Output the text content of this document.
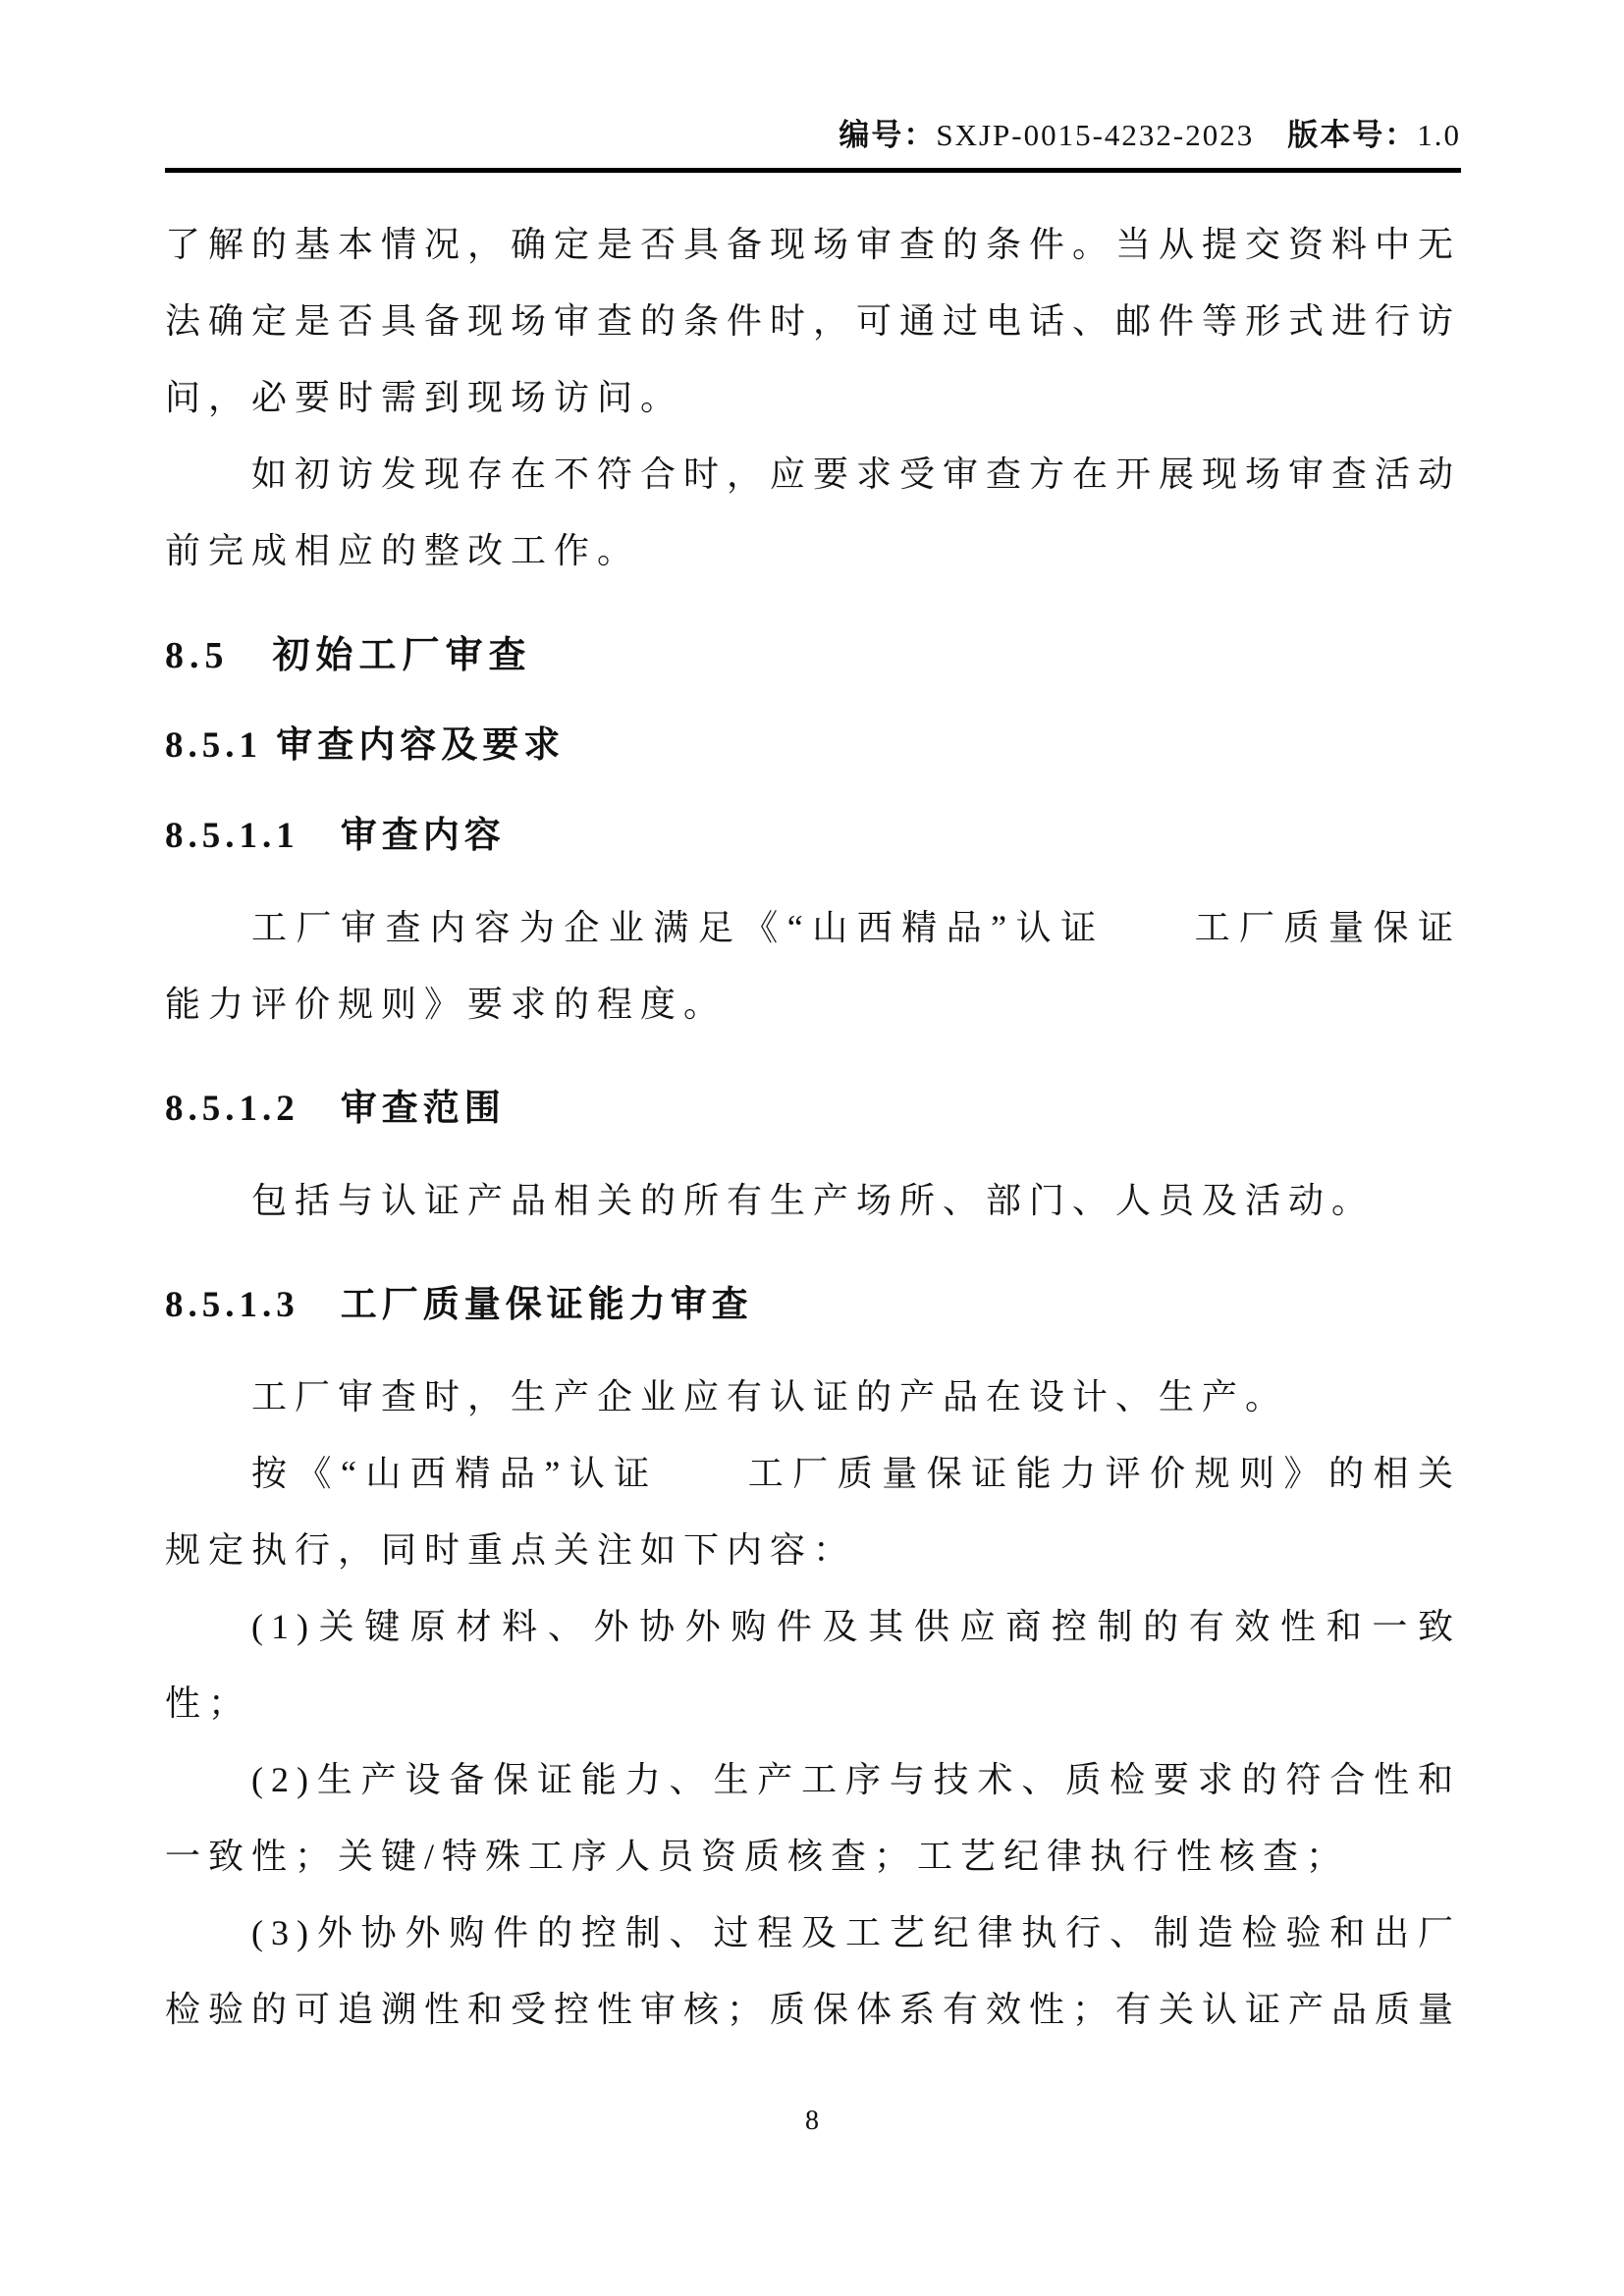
编号：SXJP-0015-4232-2023 版本号：1.0

了解的基本情况，确定是否具备现场审查的条件。当从提交资料中无法确定是否具备现场审查的条件时，可通过电话、邮件等形式进行访问，必要时需到现场访问。

如初访发现存在不符合时，应要求受审查方在开展现场审查活动前完成相应的整改工作。

8.5　初始工厂审查
8.5.1 审查内容及要求
8.5.1.1　审查内容

工厂审查内容为企业满足《“山西精品”认证　　工厂质量保证能力评价规则》要求的程度。

8.5.1.2　审查范围

包括与认证产品相关的所有生产场所、部门、人员及活动。

8.5.1.3　工厂质量保证能力审查

工厂审查时，生产企业应有认证的产品在设计、生产。

按《“山西精品”认证　　工厂质量保证能力评价规则》的相关规定执行，同时重点关注如下内容：

(1)关键原材料、外协外购件及其供应商控制的有效性和一致性；

(2)生产设备保证能力、生产工序与技术、质检要求的符合性和一致性；关键/特殊工序人员资质核查；工艺纪律执行性核查；

(3)外协外购件的控制、过程及工艺纪律执行、制造检验和出厂检验的可追溯性和受控性审核；质保体系有效性；有关认证产品质量

8
